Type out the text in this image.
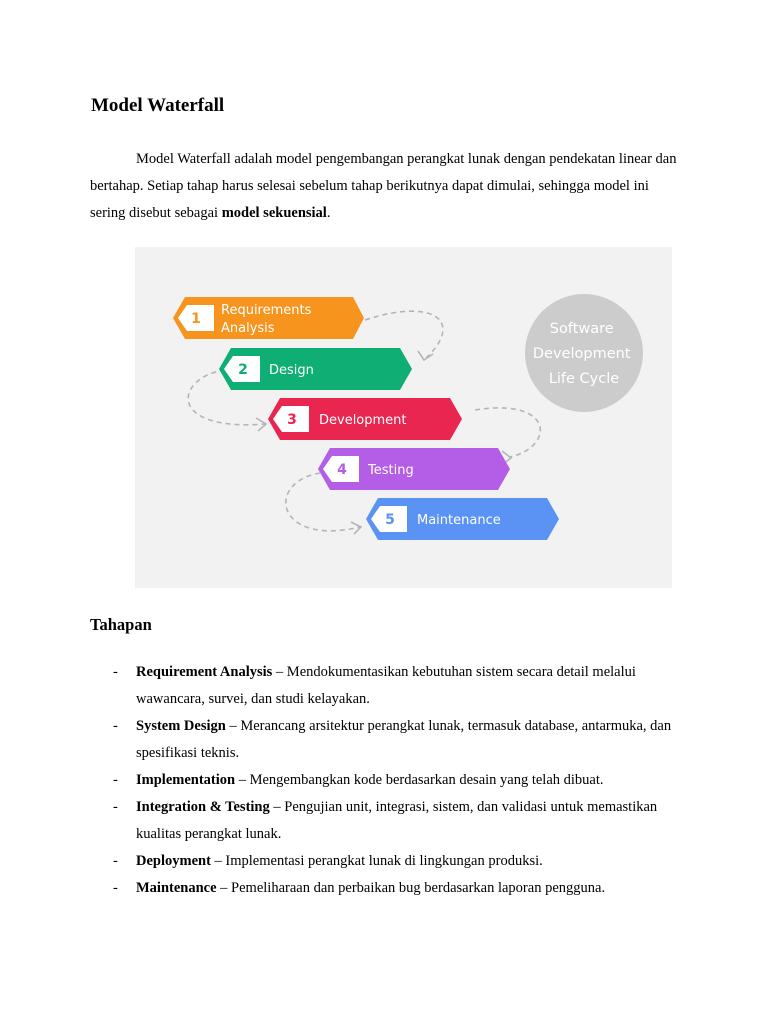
Model Waterfall

Model Waterfall adalah model pengembangan perangkat lunak dengan pendekatan linear dan bertahap. Setiap tahap harus selesai sebelum tahap berikutnya dapat dimulai, sehingga model ini sering disebut sebagai model sekuensial.

Software Development Life Cycle
1
Requirements Analysis
2 Design
3 Development
4 Testing
5 Maintenance
Tahapan
- Requirement Analysis – Mendokumentasikan kebutuhan sistem secara detail melalui wawancara, survei, dan studi kelayakan.
- System Design – Merancang arsitektur perangkat lunak, termasuk database, antarmuka, dan spesifikasi teknis.
- Implementation – Mengembangkan kode berdasarkan desain yang telah dibuat.
- Integration & Testing – Pengujian unit, integrasi, sistem, dan validasi untuk memastikan kualitas perangkat lunak.
- Deployment – Implementasi perangkat lunak di lingkungan produksi.
- Maintenance – Pemeliharaan dan perbaikan bug berdasarkan laporan pengguna.
